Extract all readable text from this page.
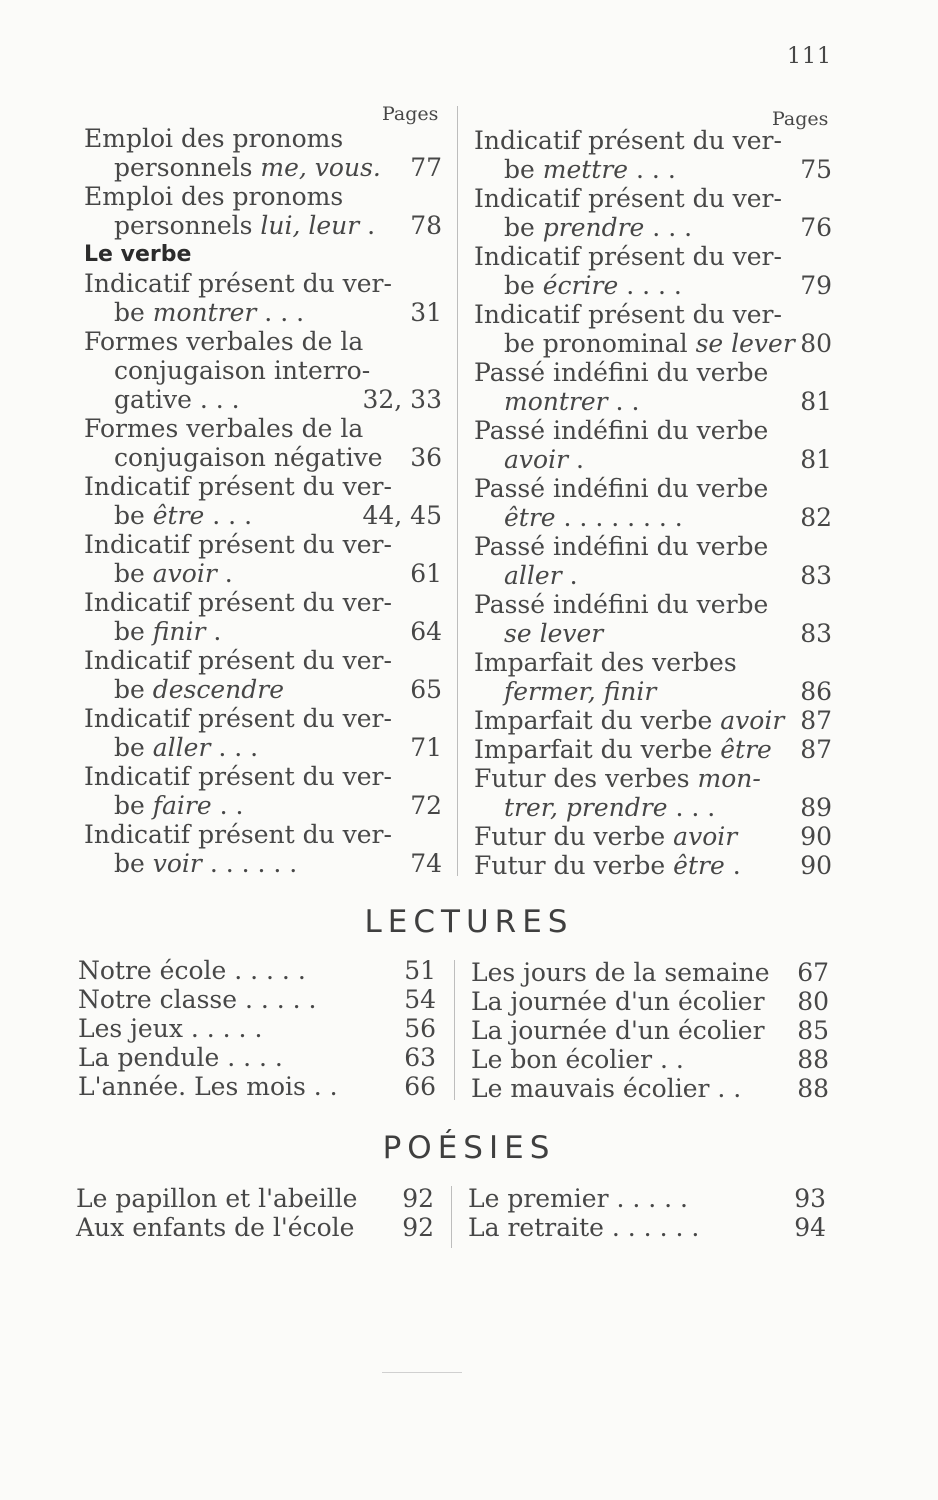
111
Pages	Pages
Emploi des pronoms
personnels me, vous.	77
Emploi des pronoms
personnels lui, leur .	78
Le verbe
Indicatif présent du ver-
be montrer . . .	31
Formes verbales de la
conjugaison interro-
gative . . .	32, 33
Formes verbales de la
conjugaison négative	36
Indicatif présent du ver-
be être . . .	44, 45
Indicatif présent du ver-
be avoir .	61
Indicatif présent du ver-
be finir .	64
Indicatif présent du ver-
be descendre	65
Indicatif présent du ver-
be aller . . .	71
Indicatif présent du ver-
be faire . .	72
Indicatif présent du ver-
be voir . . . . . .	74
Indicatif présent du ver-
be mettre . . .	75
Indicatif présent du ver-
be prendre . . .	76
Indicatif présent du ver-
be écrire . . . .	79
Indicatif présent du ver-
be pronominal se lever 80
Passé indéfini du verbe
montrer . .	81
Passé indéfini du verbe
avoir .	81
Passé indéfini du verbe
être . . . . . . . .	82
Passé indéfini du verbe
aller .	83
Passé indéfini du verbe
se lever	83
Imparfait des verbes
fermer, finir	86
Imparfait du verbe avoir 87
Imparfait du verbe être	87
Futur des verbes mon-
trer, prendre . . .	89
Futur du verbe avoir	90
Futur du verbe être .	90
LECTURES
Notre école . . . . .	51
Notre classe . . . . .	54
Les jeux . . . . .	56
La pendule . . . .	63
L'année. Les mois . .	66
Les jours de la semaine 67
La journée d'un écolier 80
La journée d'un écolier 85
Le bon écolier . .	88
Le mauvais écolier . . 88
POÉSIES
Le papillon et l'abeille 92
Aux enfants de l'école 92
Le premier . . . . .	93
La retraite . . . . . .	94
